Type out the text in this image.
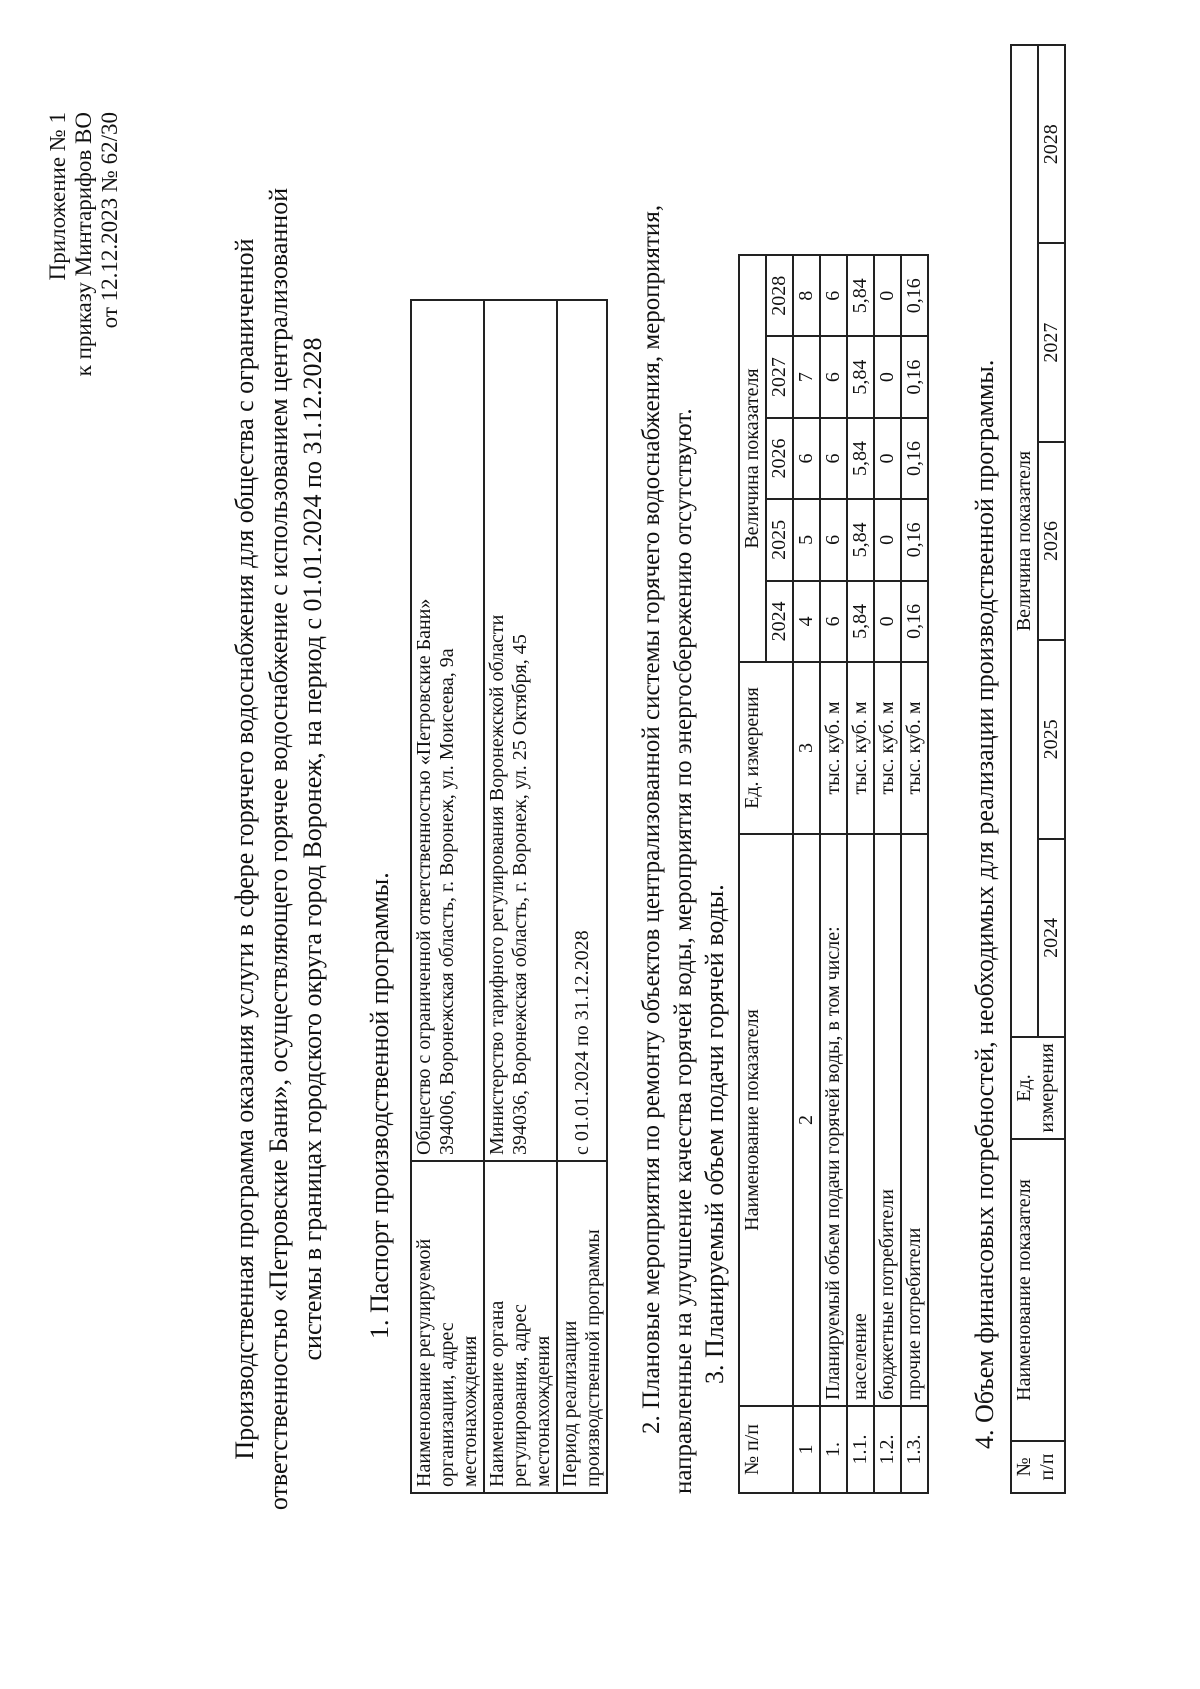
Приложение № 1 к приказу Минтарифов ВО от 12.12.2023 № 62/30
Производственная программа оказания услуги в сфере горячего водоснабжения для общества с ограниченной ответственностью «Петровские Бани», осуществляющего горячее водоснабжение с использованием централизованной системы в границах городского округа город Воронеж, на период с 01.01.2024 по 31.12.2028 1. Паспорт производственной программы.
Наименование регулируемой организации, адрес местонахождения	Общество с ограниченной ответственностью «Петровские Бани» 394006, Воронежская область, г. Воронеж, ул. Моисеева, 9а

Наименование органа регулирования, адрес местонахождения	Министерство тарифного регулирования Воронежской области 394036, Воронежская область, г. Воронеж, ул. 25 Октября, 45

Период реализации производственной программы	с 01.01.2024 по 31.12.2028 2. Плановые мероприятия по ремонту объектов централизованной системы горячего водоснабжения, мероприятия, направленные на улучшение качества горячей воды, мероприятия по энергосбережению отсутствуют. 3. Планируемый объем подачи горячей воды.
№ п/п	Наименование показателя	Ед. измерения	Величина показателя				
			2024	2025	2026	2027	2028
1	2	3	4	5	6	7	8
1.	Планируемый объем подачи горячей воды, в том числе:	тыс. куб. м	6	6	6	6	6
1.1.	население	тыс. куб. м	5,84	5,84	5,84	5,84	5,84
1.2.	бюджетные потребители	тыс. куб. м	0	0	0	0	0
1.3.	прочие потребители	тыс. куб. м	0,16	0,16	0,16	0,16	0,16
4. Объем финансовых потребностей, необходимых для реализации производственной программы.
№ п/п	Наименование показателя	Ед. измерения	Величина показателя				
			2024	2025	2026	2027	2028
